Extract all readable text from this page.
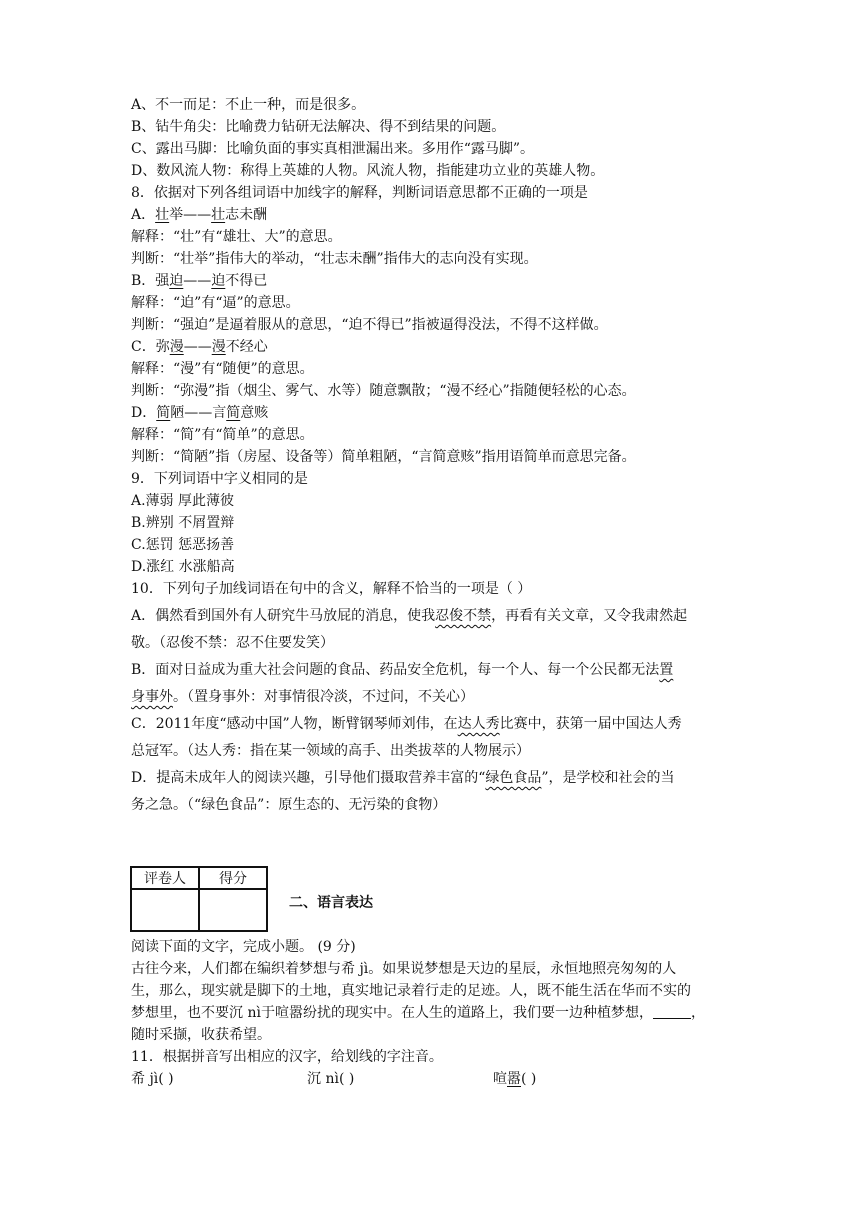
A、不一而足：不止一种，而是很多。
B、钻牛角尖：比喻费力钻研无法解决、得不到结果的问题。
C、露出马脚：比喻负面的事实真相泄漏出来。多用作“露马脚”。
D、数风流人物：称得上英雄的人物。风流人物，指能建功立业的英雄人物。
8．依据对下列各组词语中加线字的解释，判断词语意思都不正确的一项是
A．壮举——壮志未酬
解释：“壮”有“雄壮、大”的意思。
判断：“壮举”指伟大的举动，“壮志未酬”指伟大的志向没有实现。
B．强迫——迫不得已
解释：“迫”有“逼”的意思。
判断：“强迫”是逼着服从的意思，“迫不得已”指被逼得没法，不得不这样做。
C．弥漫——漫不经心
解释：“漫”有“随便”的意思。
判断：“弥漫”指（烟尘、雾气、水等）随意飘散；“漫不经心”指随便轻松的心态。
D．简陋——言简意赅
解释：“简”有“简单”的意思。
判断：“简陋”指（房屋、设备等）简单粗陋，“言简意赅”指用语简单而意思完备。
9．下列词语中字义相同的是
A.薄弱 厚此薄彼
B.辨别 不屑置辩
C.惩罚 惩恶扬善
D.涨红 水涨船高
10．下列句子加线词语在句中的含义，解释不恰当的一项是（ ）
A．偶然看到国外有人研究牛马放屁的消息，使我忍俊不禁，再看有关文章，又令我肃然起
敬。（忍俊不禁：忍不住要发笑）
B．面对日益成为重大社会问题的食品、药品安全危机，每一个人、每一个公民都无法置
身事外。（置身事外：对事情很冷淡，不过问，不关心）
C．2011年度“感动中国”人物，断臂钢琴师刘伟，在达人秀比赛中，获第一届中国达人秀
总冠军。（达人秀：指在某一领域的高手、出类拔萃的人物展示）
D．提高未成年人的阅读兴趣，引导他们摄取营养丰富的“绿色食品”，是学校和社会的当
务之急。（“绿色食品”：原生态的、无污染的食物）
评卷人	得分

二、语言表达
阅读下面的文字，完成小题。 (9 分)
古往今来，人们都在编织着梦想与希 jì。如果说梦想是天边的星辰，永恒地照亮匆匆的人
生，那么，现实就是脚下的土地，真实地记录着行走的足迹。人，既不能生活在华而不实的
梦想里，也不要沉 nì于喧嚣纷扰的现实中。在人生的道路上，我们要一边种植梦想，	，
随时采撷，收获希望。
11．根据拼音写出相应的汉字，给划线的字注音。
希 jì( )	沉 nì( )	喧嚣( )
